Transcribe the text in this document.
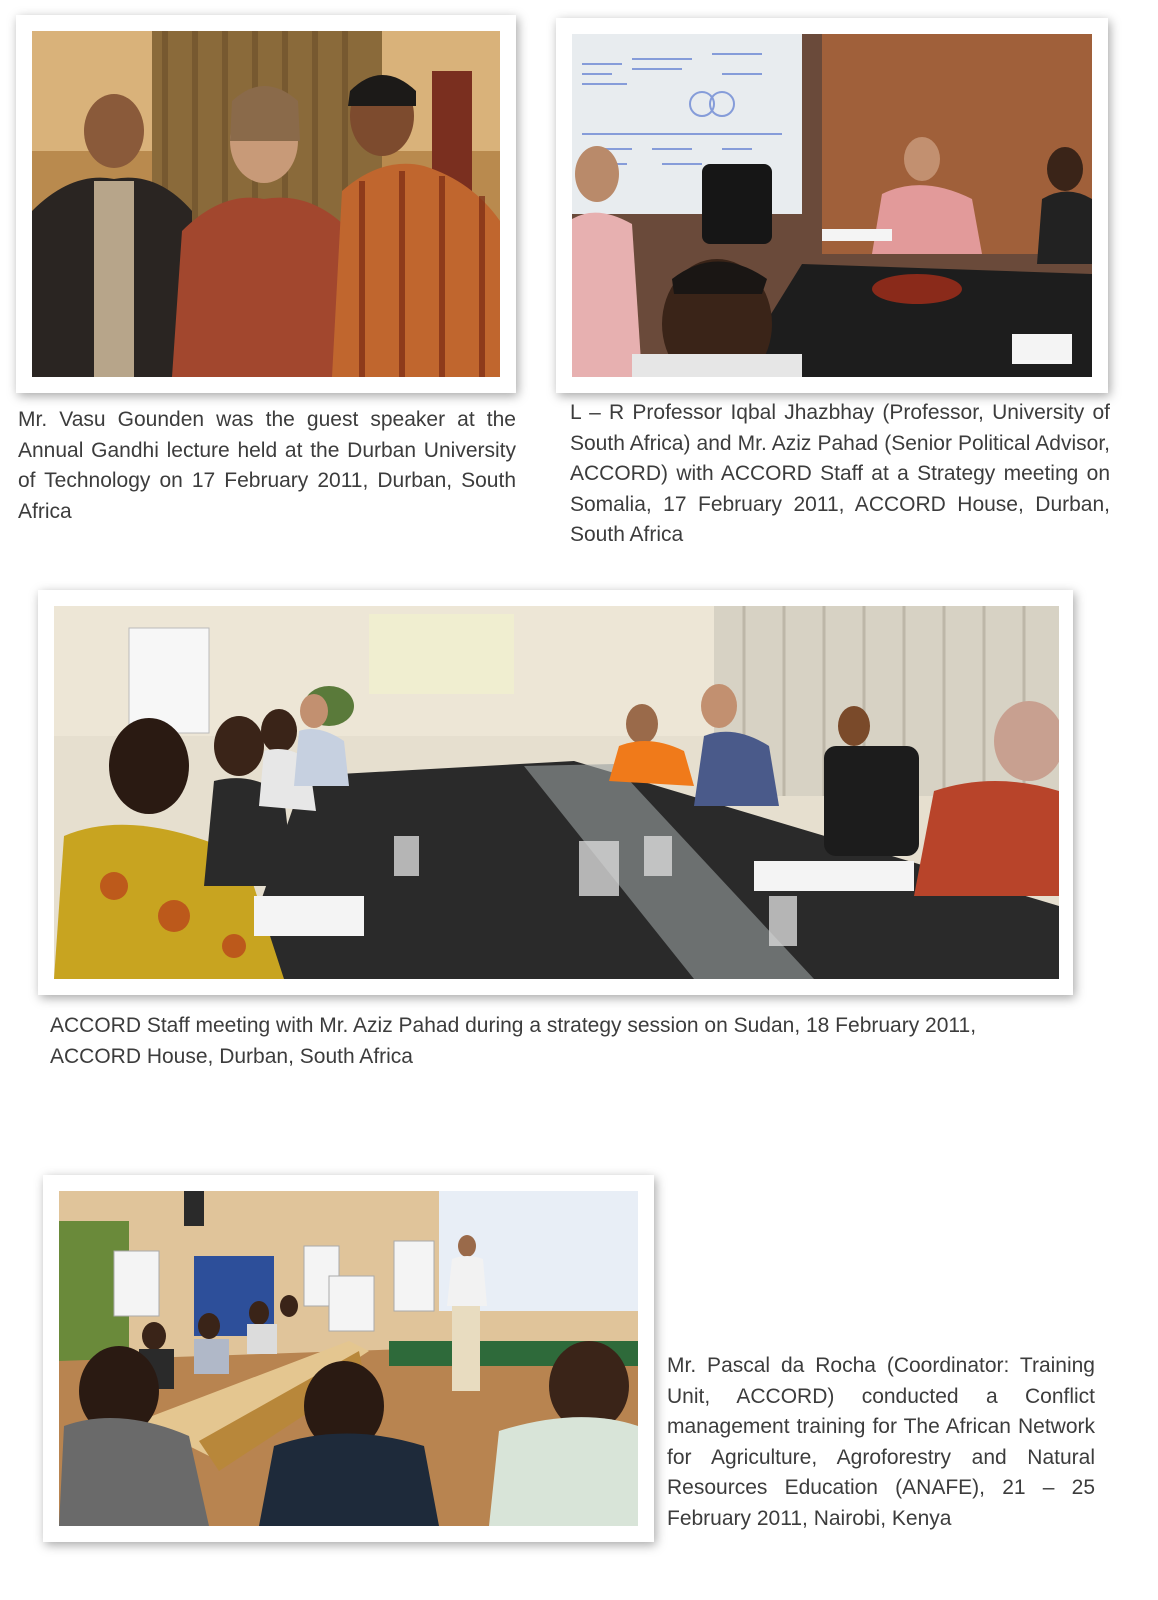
Mr. Vasu Gounden was the guest speaker at the Annual Gandhi lecture held at the Durban University of Technology on 17 February 2011, Durban, South Africa
L – R Professor Iqbal Jhazbhay (Professor, University of South Africa) and Mr. Aziz Pahad (Senior Political Advisor, ACCORD) with ACCORD Staff at a Strategy meeting on Somalia, 17 February 2011, ACCORD House, Durban, South Africa
ACCORD Staff meeting with Mr. Aziz Pahad during a strategy session on Sudan, 18 February 2011, ACCORD House, Durban, South Africa
Mr. Pascal da Rocha (Coordinator: Training Unit, ACCORD) conducted a Conflict management training for The African Network for Agriculture, Agroforestry and Natural Resources Education (ANAFE), 21 – 25 February 2011, Nairobi, Kenya
